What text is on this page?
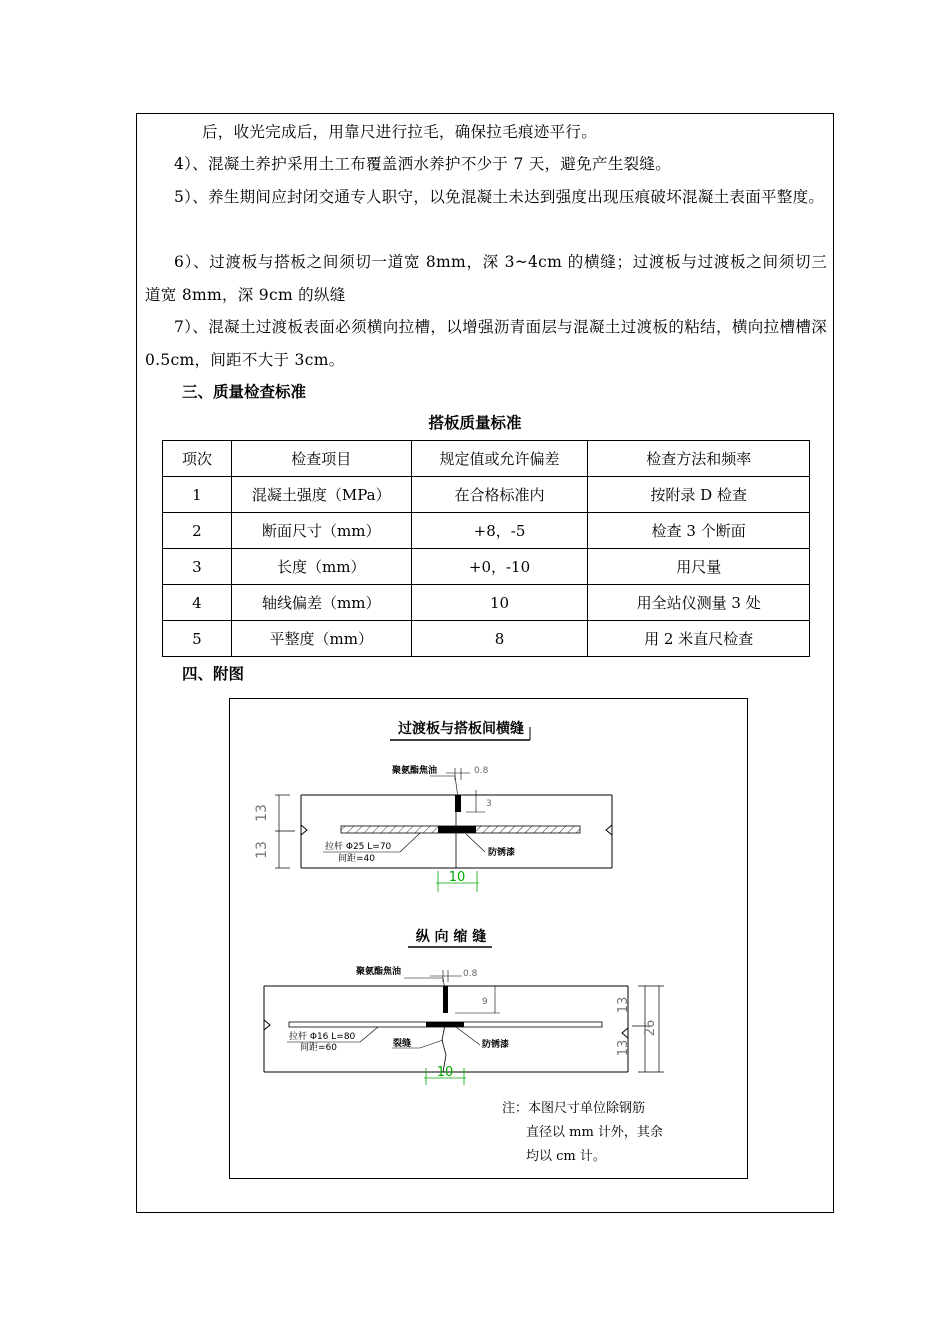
后，收光完成后，用靠尺进行拉毛，确保拉毛痕迹平行。
4）、混凝土养护采用土工布覆盖洒水养护不少于 7 天，避免产生裂缝。
5）、养生期间应封闭交通专人职守，以免混凝土未达到强度出现压痕破坏混凝土表面平整度。
6）、过渡板与搭板之间须切一道宽 8mm，深 3~4cm 的横缝；过渡板与过渡板之间须切三道宽 8mm，深 9cm 的纵缝
7）、混凝土过渡板表面必须横向拉槽，以增强沥青面层与混凝土过渡板的粘结，横向拉槽槽深 0.5cm，间距不大于 3cm。
三、质量检查标准
搭板质量标准
项次	检查项目	规定值或允许偏差	检查方法和频率
1	混凝土强度（MPa）	在合格标准内	按附录 D 检查
2	断面尺寸（mm）	+8，-5	检查 3 个断面
3	长度（mm）	+0，-10	用尺量
4	轴线偏差（mm）	10	用全站仪测量 3 处
5	平整度（mm）	8	用 2 米直尺检查
四、附图
过渡板与搭板间横缝
13
13
聚氨酯焦油	0.8
3
拉杆 Φ25 L=70
间距=40
防锈漆
10
纵 向 缩 缝
13
13
26
聚氨酯焦油	0.8
9
拉杆 Φ16 L=80
间距=60	裂缝	防锈漆
10
注：本图尺寸单位除钢筋
直径以 mm 计外，其余
均以 cm 计。
